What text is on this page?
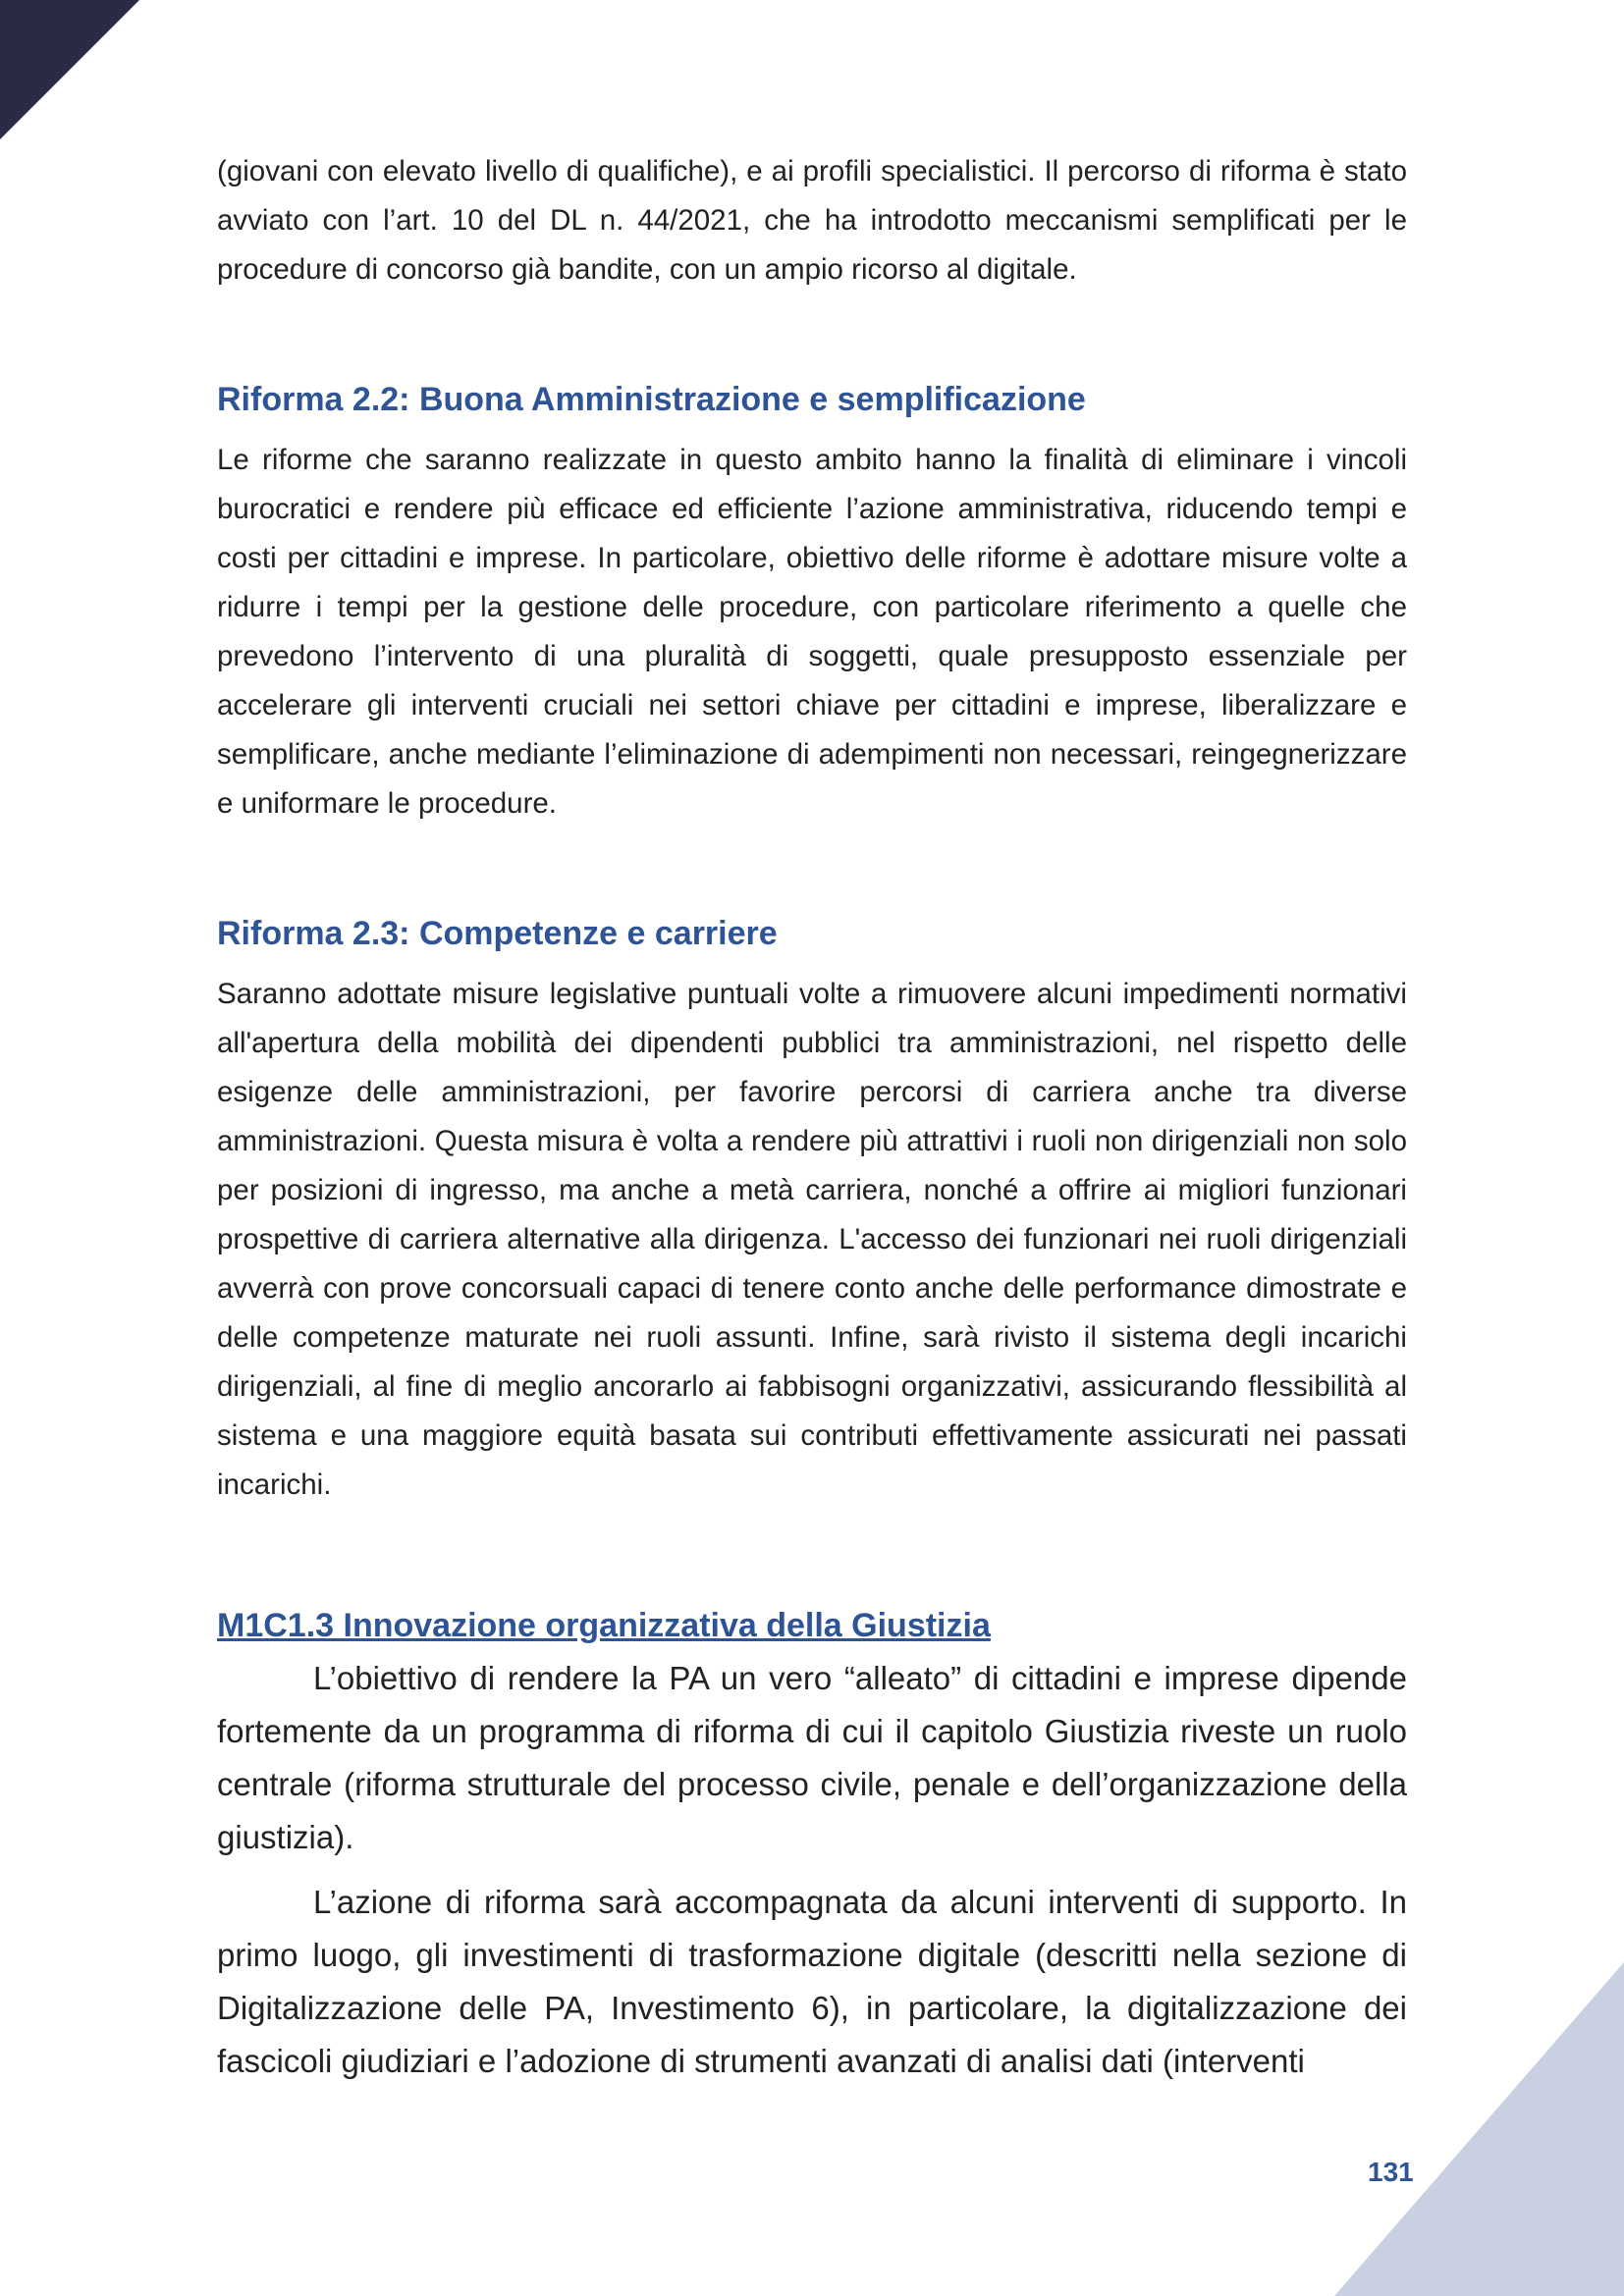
(giovani con elevato livello di qualifiche), e ai profili specialistici. Il percorso di riforma è stato avviato con l’art. 10 del DL n. 44/2021, che ha introdotto meccanismi semplificati per le procedure di concorso già bandite, con un ampio ricorso al digitale.

Riforma 2.2: Buona Amministrazione e semplificazione

Le riforme che saranno realizzate in questo ambito hanno la finalità di eliminare i vincoli burocratici e rendere più efficace ed efficiente l’azione amministrativa, riducendo tempi e costi per cittadini e imprese. In particolare, obiettivo delle riforme è adottare misure volte a ridurre i tempi per la gestione delle procedure, con particolare riferimento a quelle che prevedono l’intervento di una pluralità di soggetti, quale presupposto essenziale per accelerare gli interventi cruciali nei settori chiave per cittadini e imprese, liberalizzare e semplificare, anche mediante l’eliminazione di adempimenti non necessari, reingegnerizzare e uniformare le procedure.

Riforma 2.3: Competenze e carriere

Saranno adottate misure legislative puntuali volte a rimuovere alcuni impedimenti normativi all'apertura della mobilità dei dipendenti pubblici tra amministrazioni, nel rispetto delle esigenze delle amministrazioni, per favorire percorsi di carriera anche tra diverse amministrazioni. Questa misura è volta a rendere più attrattivi i ruoli non dirigenziali non solo per posizioni di ingresso, ma anche a metà carriera, nonché a offrire ai migliori funzionari prospettive di carriera alternative alla dirigenza. L'accesso dei funzionari nei ruoli dirigenziali avverrà con prove concorsuali capaci di tenere conto anche delle performance dimostrate e delle competenze maturate nei ruoli assunti. Infine, sarà rivisto il sistema degli incarichi dirigenziali, al fine di meglio ancorarlo ai fabbisogni organizzativi, assicurando flessibilità al sistema e una maggiore equità basata sui contributi effettivamente assicurati nei passati incarichi.

M1C1.3 Innovazione organizzativa della Giustizia

L’obiettivo di rendere la PA un vero “alleato” di cittadini e imprese dipende fortemente da un programma di riforma di cui il capitolo Giustizia riveste un ruolo centrale (riforma strutturale del processo civile, penale e dell’organizzazione della giustizia).

L’azione di riforma sarà accompagnata da alcuni interventi di supporto. In primo luogo, gli investimenti di trasformazione digitale (descritti nella sezione di Digitalizzazione delle PA, Investimento 6), in particolare, la digitalizzazione dei fascicoli giudiziari e l’adozione di strumenti avanzati di analisi dati (interventi

131
